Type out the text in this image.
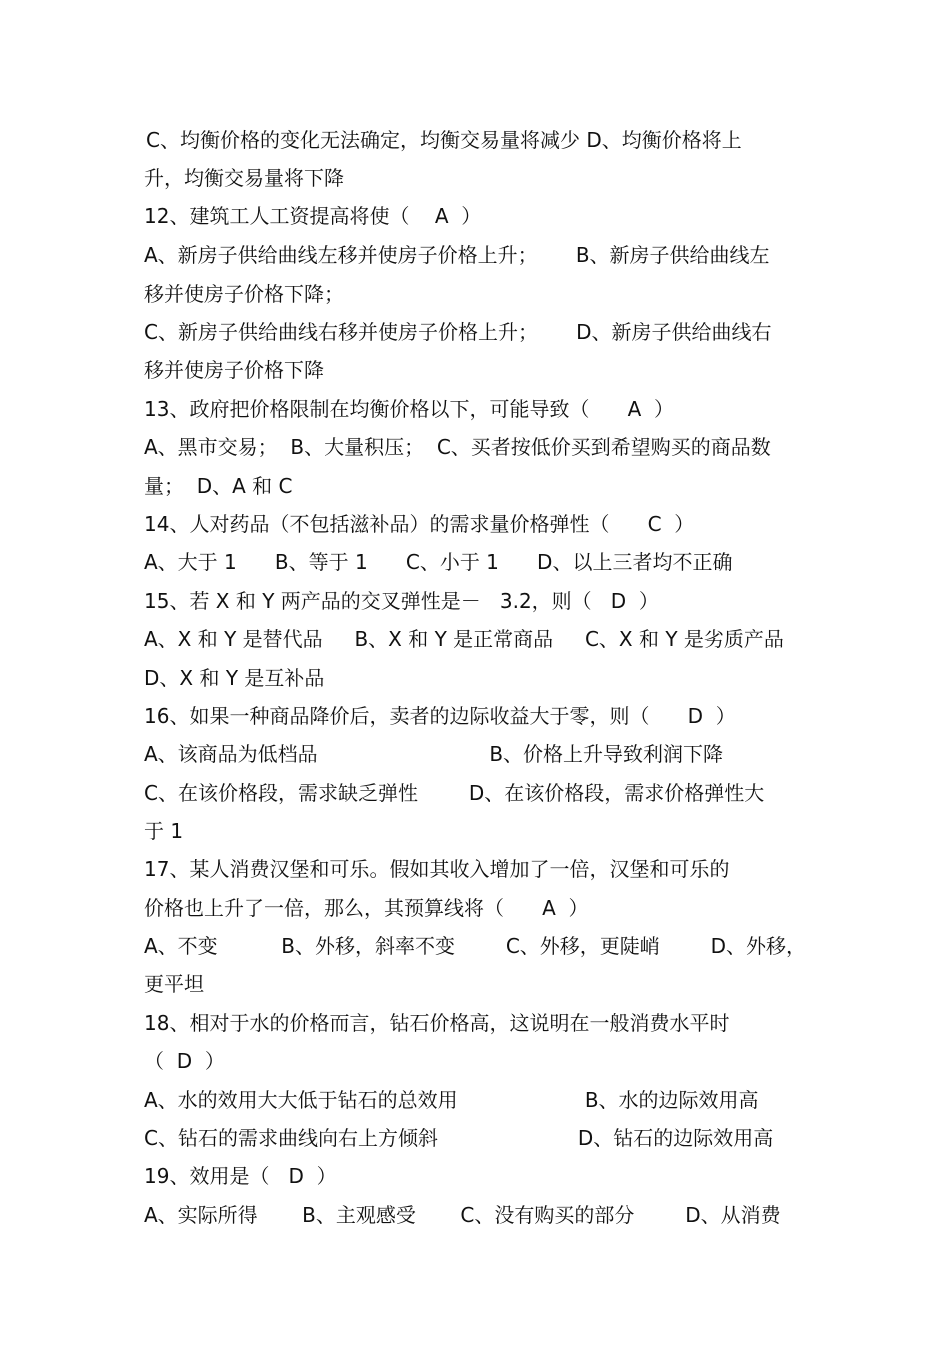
C、均衡价格的变化无法确定，均衡交易量将减少 D、均衡价格将上
升，均衡交易量将下降
12、建筑工人工资提高将使（    A  ）
A、新房子供给曲线左移并使房子价格上升；      B、新房子供给曲线左
移并使房子价格下降；
C、新房子供给曲线右移并使房子价格上升；      D、新房子供给曲线右
移并使房子价格下降
13、政府把价格限制在均衡价格以下，可能导致（      A  ）
A、黑市交易；  B、大量积压；  C、买者按低价买到希望购买的商品数
量；  D、A 和 C
14、人对药品（不包括滋补品）的需求量价格弹性（      C  ）
A、大于 1      B、等于 1      C、小于 1      D、以上三者均不正确
15、若 X 和 Y 两产品的交叉弹性是－   3.2，则（   D  ）
A、X 和 Y 是替代品     B、X 和 Y 是正常商品     C、X 和 Y 是劣质产品
D、X 和 Y 是互补品
16、如果一种商品降价后，卖者的边际收益大于零，则（      D  ）
A、该商品为低档品                           B、价格上升导致利润下降
C、在该价格段，需求缺乏弹性        D、在该价格段，需求价格弹性大
于 1
17、某人消费汉堡和可乐。假如其收入增加了一倍，汉堡和可乐的
价格也上升了一倍，那么，其预算线将（      A  ）
A、不变          B、外移，斜率不变        C、外移，更陡峭        D、外移，
更平坦
18、相对于水的价格而言，钻石价格高，这说明在一般消费水平时
（  D  ）
A、水的效用大大低于钻石的总效用                    B、水的边际效用高
C、钻石的需求曲线向右上方倾斜                      D、钻石的边际效用高
19、效用是（   D  ）
A、实际所得       B、主观感受       C、没有购买的部分        D、从消费
